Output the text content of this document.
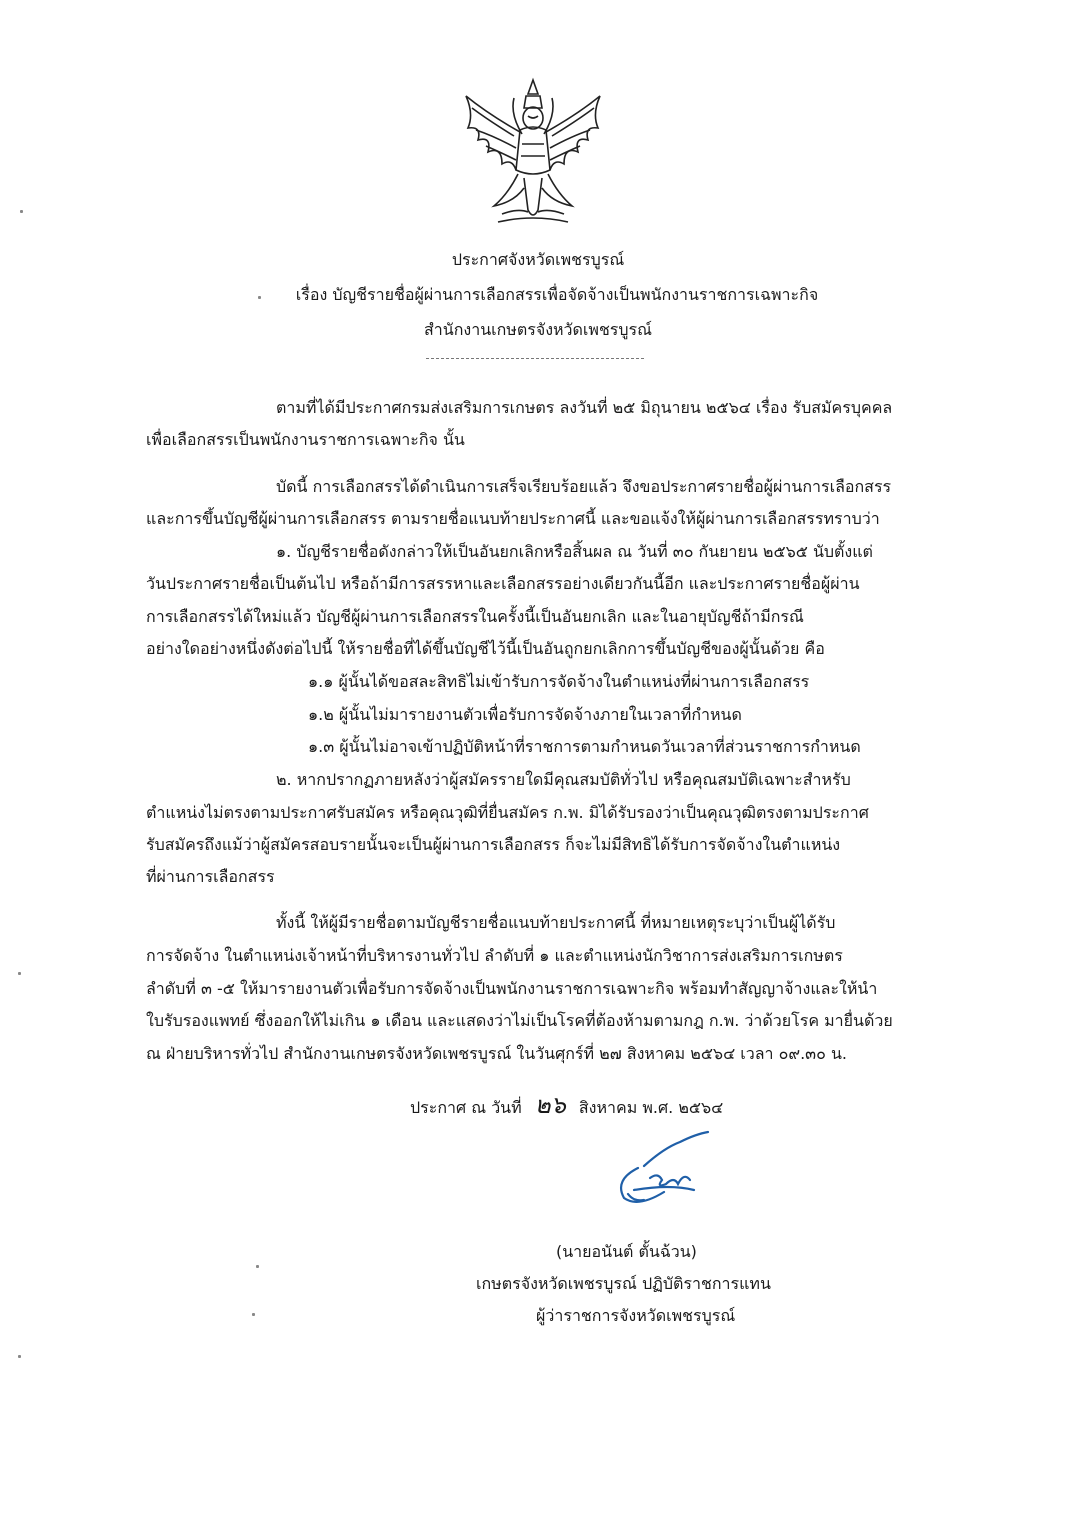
ประกาศจังหวัดเพชรบูรณ์
เรื่อง บัญชีรายชื่อผู้ผ่านการเลือกสรรเพื่อจัดจ้างเป็นพนักงานราชการเฉพาะกิจ
สำนักงานเกษตรจังหวัดเพชรบูรณ์
ตามที่ได้มีประกาศกรมส่งเสริมการเกษตร ลงวันที่ ๒๕ มิถุนายน ๒๕๖๔ เรื่อง รับสมัครบุคคล
เพื่อเลือกสรรเป็นพนักงานราชการเฉพาะกิจ นั้น
บัดนี้ การเลือกสรรได้ดำเนินการเสร็จเรียบร้อยแล้ว จึงขอประกาศรายชื่อผู้ผ่านการเลือกสรร
และการขึ้นบัญชีผู้ผ่านการเลือกสรร ตามรายชื่อแนบท้ายประกาศนี้ และขอแจ้งให้ผู้ผ่านการเลือกสรรทราบว่า
๑. บัญชีรายชื่อดังกล่าวให้เป็นอันยกเลิกหรือสิ้นผล ณ วันที่ ๓๐ กันยายน ๒๕๖๕ นับตั้งแต่
วันประกาศรายชื่อเป็นต้นไป หรือถ้ามีการสรรหาและเลือกสรรอย่างเดียวกันนี้อีก และประกาศรายชื่อผู้ผ่าน
การเลือกสรรได้ใหม่แล้ว บัญชีผู้ผ่านการเลือกสรรในครั้งนี้เป็นอันยกเลิก และในอายุบัญชีถ้ามีกรณี
อย่างใดอย่างหนึ่งดังต่อไปนี้ ให้รายชื่อที่ได้ขึ้นบัญชีไว้นี้เป็นอันถูกยกเลิกการขึ้นบัญชีของผู้นั้นด้วย คือ
๑.๑ ผู้นั้นได้ขอสละสิทธิไม่เข้ารับการจัดจ้างในตำแหน่งที่ผ่านการเลือกสรร
๑.๒ ผู้นั้นไม่มารายงานตัวเพื่อรับการจัดจ้างภายในเวลาที่กำหนด
๑.๓ ผู้นั้นไม่อาจเข้าปฏิบัติหน้าที่ราชการตามกำหนดวันเวลาที่ส่วนราชการกำหนด
๒. หากปรากฏภายหลังว่าผู้สมัครรายใดมีคุณสมบัติทั่วไป หรือคุณสมบัติเฉพาะสำหรับ
ตำแหน่งไม่ตรงตามประกาศรับสมัคร หรือคุณวุฒิที่ยื่นสมัคร ก.พ. มิได้รับรองว่าเป็นคุณวุฒิตรงตามประกาศ
รับสมัครถึงแม้ว่าผู้สมัครสอบรายนั้นจะเป็นผู้ผ่านการเลือกสรร ก็จะไม่มีสิทธิได้รับการจัดจ้างในตำแหน่ง
ที่ผ่านการเลือกสรร
ทั้งนี้ ให้ผู้มีรายชื่อตามบัญชีรายชื่อแนบท้ายประกาศนี้ ที่หมายเหตุระบุว่าเป็นผู้ได้รับ
การจัดจ้าง ในตำแหน่งเจ้าหน้าที่บริหารงานทั่วไป ลำดับที่ ๑ และตำแหน่งนักวิชาการส่งเสริมการเกษตร
ลำดับที่ ๓ -๕ ให้มารายงานตัวเพื่อรับการจัดจ้างเป็นพนักงานราชการเฉพาะกิจ พร้อมทำสัญญาจ้างและให้นำ
ใบรับรองแพทย์ ซึ่งออกให้ไม่เกิน ๑ เดือน และแสดงว่าไม่เป็นโรคที่ต้องห้ามตามกฎ ก.พ. ว่าด้วยโรค มายื่นด้วย
ณ ฝ่ายบริหารทั่วไป สำนักงานเกษตรจังหวัดเพชรบูรณ์ ในวันศุกร์ที่ ๒๗ สิงหาคม ๒๕๖๔ เวลา ๐๙.๓๐ น.
ประกาศ ณ วันที่ ๒๖ สิงหาคม พ.ศ. ๒๕๖๔
(นายอนันต์ ตั้นฉ้วน)
เกษตรจังหวัดเพชรบูรณ์ ปฏิบัติราชการแทน
ผู้ว่าราชการจังหวัดเพชรบูรณ์
